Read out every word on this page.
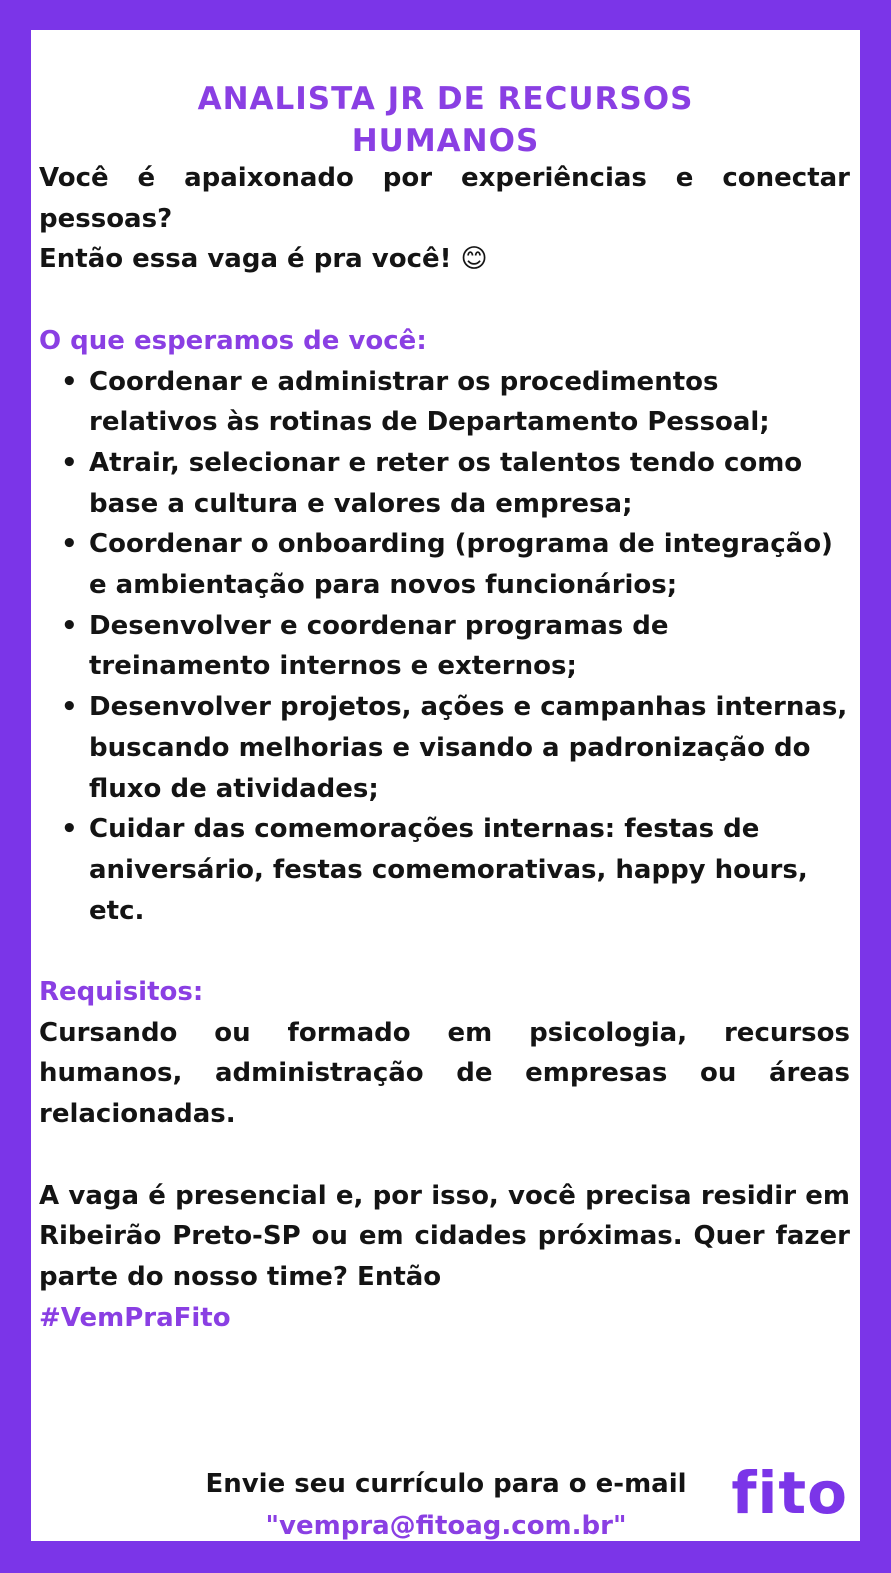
ANALISTA JR DE RECURSOS
HUMANOS

Você é apaixonado por experiências e conectar pessoas?

Então essa vaga é pra você! 😊

O que esperamos de você:

• Coordenar e administrar os procedimentos relativos às rotinas de Departamento Pessoal;
• Atrair, selecionar e reter os talentos tendo como base a cultura e valores da empresa;
• Coordenar o onboarding (programa de integração) e ambientação para novos funcionários;
• Desenvolver e coordenar programas de treinamento internos e externos;
• Desenvolver projetos, ações e campanhas internas, buscando melhorias e visando a padronização do fluxo de atividades;
• Cuidar das comemorações internas: festas de aniversário, festas comemorativas, happy hours, etc.

Requisitos:

Cursando ou formado em psicologia, recursos humanos, administração de empresas ou áreas relacionadas.

A vaga é presencial e, por isso, você precisa residir em Ribeirão Preto-SP ou em cidades próximas. Quer fazer parte do nosso time? Então

#VemPraFito

Envie seu currículo para o e-mail
"vempra@fitoag.com.br"	fito
